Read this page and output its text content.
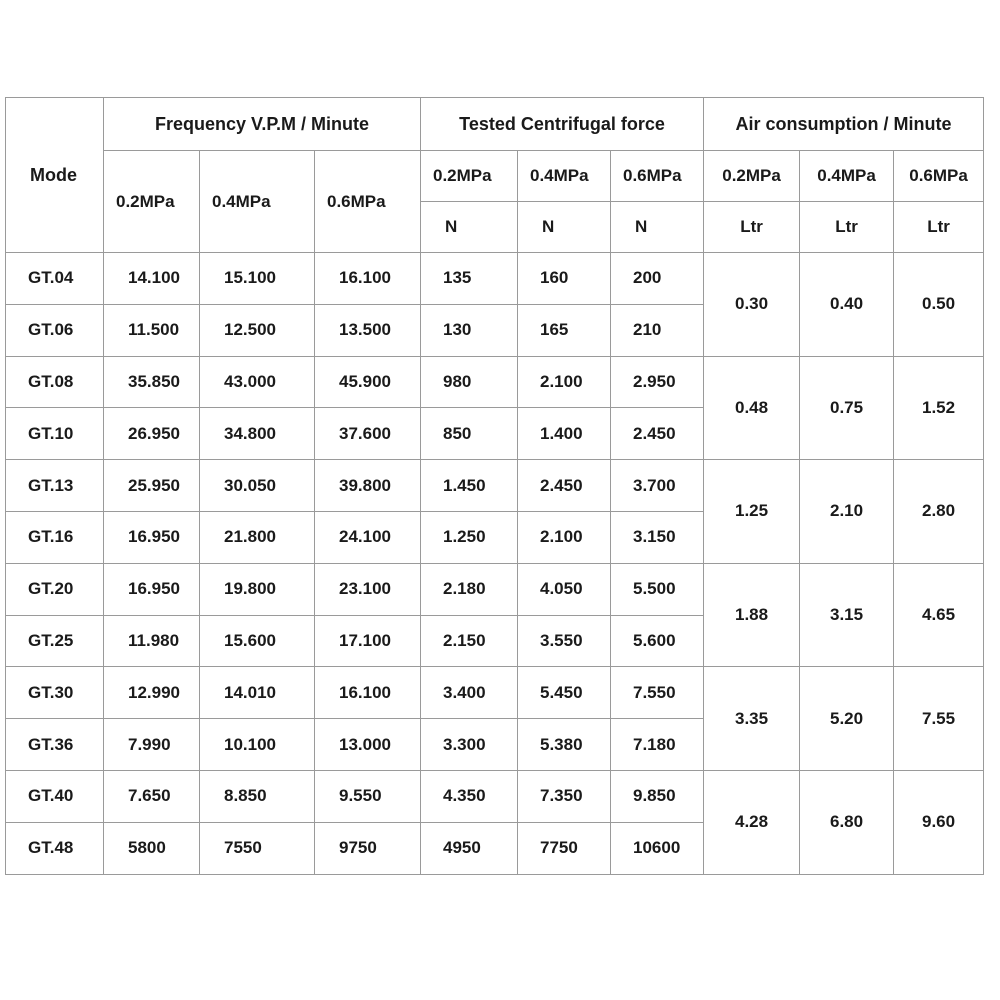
Mode	Frequency V.P.M / Minute			Tested Centrifugal force			Air consumption / Minute		
	0.2MPa	0.4MPa	0.6MPa	0.2MPa	0.4MPa	0.6MPa	0.2MPa	0.4MPa	0.6MPa
				N	N	N	Ltr	Ltr	Ltr
GT.04	14.100	15.100	16.100	135	160	200	0.30	0.40	0.50
GT.06	11.500	12.500	13.500	130	165	210			
GT.08	35.850	43.000	45.900	980	2.100	2.950	0.48	0.75	1.52
GT.10	26.950	34.800	37.600	850	1.400	2.450			
GT.13	25.950	30.050	39.800	1.450	2.450	3.700	1.25	2.10	2.80
GT.16	16.950	21.800	24.100	1.250	2.100	3.150			
GT.20	16.950	19.800	23.100	2.180	4.050	5.500	1.88	3.15	4.65
GT.25	11.980	15.600	17.100	2.150	3.550	5.600			
GT.30	12.990	14.010	16.100	3.400	5.450	7.550	3.35	5.20	7.55
GT.36	7.990	10.100	13.000	3.300	5.380	7.180			
GT.40	7.650	8.850	9.550	4.350	7.350	9.850	4.28	6.80	9.60
GT.48	5800	7550	9750	4950	7750	10600			
